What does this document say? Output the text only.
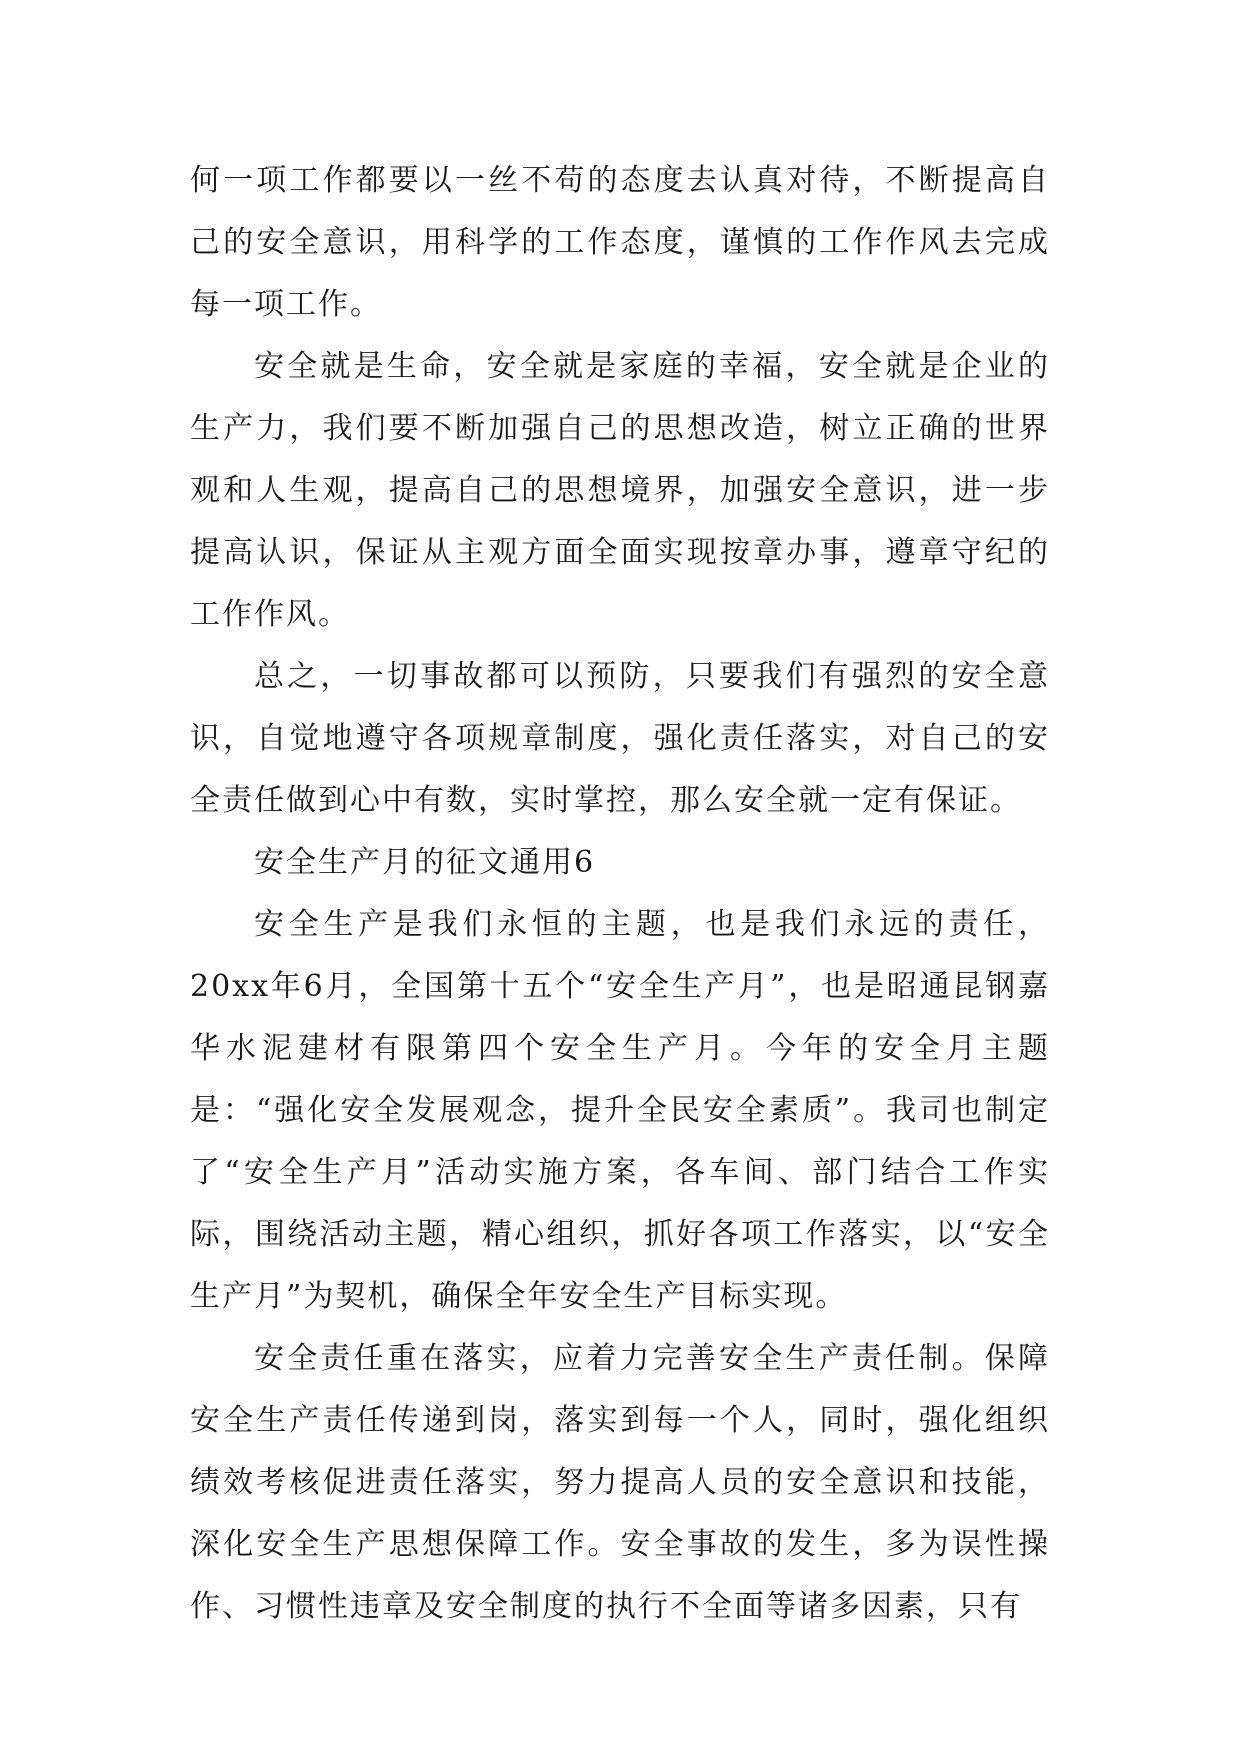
何一项工作都要以一丝不苟的态度去认真对待，不断提高自己的安全意识，用科学的工作态度，谨慎的工作作风去完成每一项工作。

安全就是生命，安全就是家庭的幸福，安全就是企业的生产力，我们要不断加强自己的思想改造，树立正确的世界观和人生观，提高自己的思想境界，加强安全意识，进一步提高认识，保证从主观方面全面实现按章办事，遵章守纪的工作作风。

总之，一切事故都可以预防，只要我们有强烈的安全意识，自觉地遵守各项规章制度，强化责任落实，对自己的安全责任做到心中有数，实时掌控，那么安全就一定有保证。

安全生产月的征文通用6

安全生产是我们永恒的主题，也是我们永远的责任，20xx年6月，全国第十五个“安全生产月”，也是昭通昆钢嘉华水泥建材有限第四个安全生产月。今年的安全月主题是：“强化安全发展观念，提升全民安全素质”。我司也制定了“安全生产月”活动实施方案，各车间、部门结合工作实际，围绕活动主题，精心组织，抓好各项工作落实，以“安全生产月”为契机，确保全年安全生产目标实现。

安全责任重在落实，应着力完善安全生产责任制。保障安全生产责任传递到岗，落实到每一个人，同时，强化组织绩效考核促进责任落实，努力提高人员的安全意识和技能，深化安全生产思想保障工作。安全事故的发生，多为误性操作、习惯性违章及安全制度的执行不全面等诸多因素，只有
